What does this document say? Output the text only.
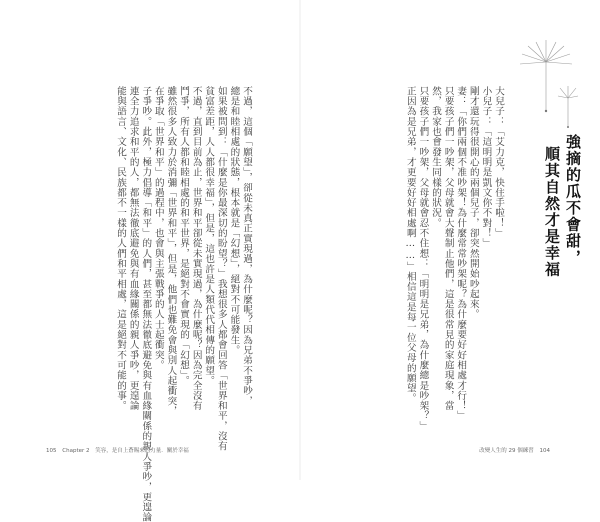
不過，這個「願望」，卻從未真正實現過，為什麼呢？因為兄弟不爭吵，

總是和睦相處的狀態，根本就是「幻想」，絕對不可能發生。

如果被問到：「什麼是你最深切的盼望？」我想很多人都會回答「世界和平，沒有

貧富差距，人人都很幸福」，但是，這也許是人類代代相傳的願望。

不過，直到目前為止，世界和平卻從未實現過，為什麼呢？因為完全沒有

鬥爭，所有人都和睦相處的和平世界，是絕對不會實現的「幻想」。

雖然很多人致力於消彌「世界和平」，但是，他們也難免會與別人起衝突，

在爭取「世界和平」的過程中，也會與主張戰爭的人士起衝突。

子爭吵。此外，極力倡導「和平」的人們，甚至都無法徹底避免與有血緣關係的親人爭吵，更遑論

連全力追求和平的人，都無法徹底避免與有血緣關係的親人爭吵，更遑論

能與語言、文化、民族都不一樣的人們和平相處，這是絕對不可能的事。

105 Chapter 2 笑容，是自上蒼賜來的力量．關於幸福
強摘的瓜不會甜，
順其自然才是幸福

大兒子：「艾力克，快住手啦！」

小兒子：「這明明是凱文你不對！」

剛才還玩得很開心的兩個兒子，卻突然開始吵起來。

妻：「你們兩個不准吵架！為什麼常常吵架呢？為什麼要好好相處才行！」

只要孩子們一吵架，父母就會大聲制止他們，這是很常見的家庭現象，當

然，我家也會發生同樣的狀況。

只要孩子們一吵架，父母就會忍不住想：「明明是兄弟，為什麼總是吵架？」

正因為是兄弟，才更要好好相處啊……」相信這是每一位父母的願望。

改變人生的 29 個練習 104
